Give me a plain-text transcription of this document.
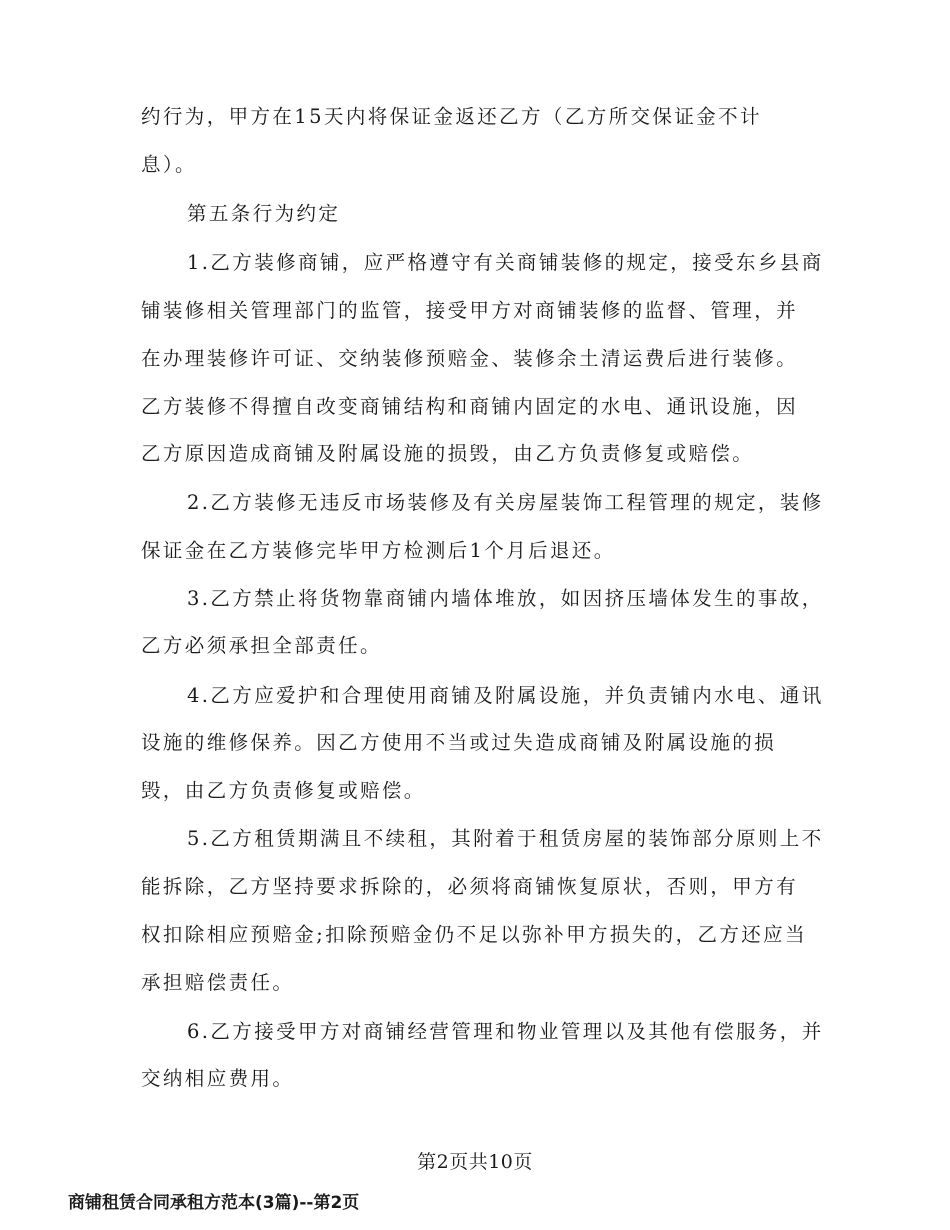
约行为，甲方在15天内将保证金返还乙方（乙方所交保证金不计
息）。
第五条行为约定
1.乙方装修商铺，应严格遵守有关商铺装修的规定，接受东乡县商
铺装修相关管理部门的监管，接受甲方对商铺装修的监督、管理，并
在办理装修许可证、交纳装修预赔金、装修余土清运费后进行装修。
乙方装修不得擅自改变商铺结构和商铺内固定的水电、通讯设施，因
乙方原因造成商铺及附属设施的损毁，由乙方负责修复或赔偿。
2.乙方装修无违反市场装修及有关房屋装饰工程管理的规定，装修
保证金在乙方装修完毕甲方检测后1个月后退还。
3.乙方禁止将货物靠商铺内墙体堆放，如因挤压墙体发生的事故，
乙方必须承担全部责任。
4.乙方应爱护和合理使用商铺及附属设施，并负责铺内水电、通讯
设施的维修保养。因乙方使用不当或过失造成商铺及附属设施的损
毁，由乙方负责修复或赔偿。
5.乙方租赁期满且不续租，其附着于租赁房屋的装饰部分原则上不
能拆除，乙方坚持要求拆除的，必须将商铺恢复原状，否则，甲方有
权扣除相应预赔金;扣除预赔金仍不足以弥补甲方损失的，乙方还应当
承担赔偿责任。
6.乙方接受甲方对商铺经营管理和物业管理以及其他有偿服务，并
交纳相应费用。
第2页共10页
商铺租赁合同承租方范本(3篇)--第2页
